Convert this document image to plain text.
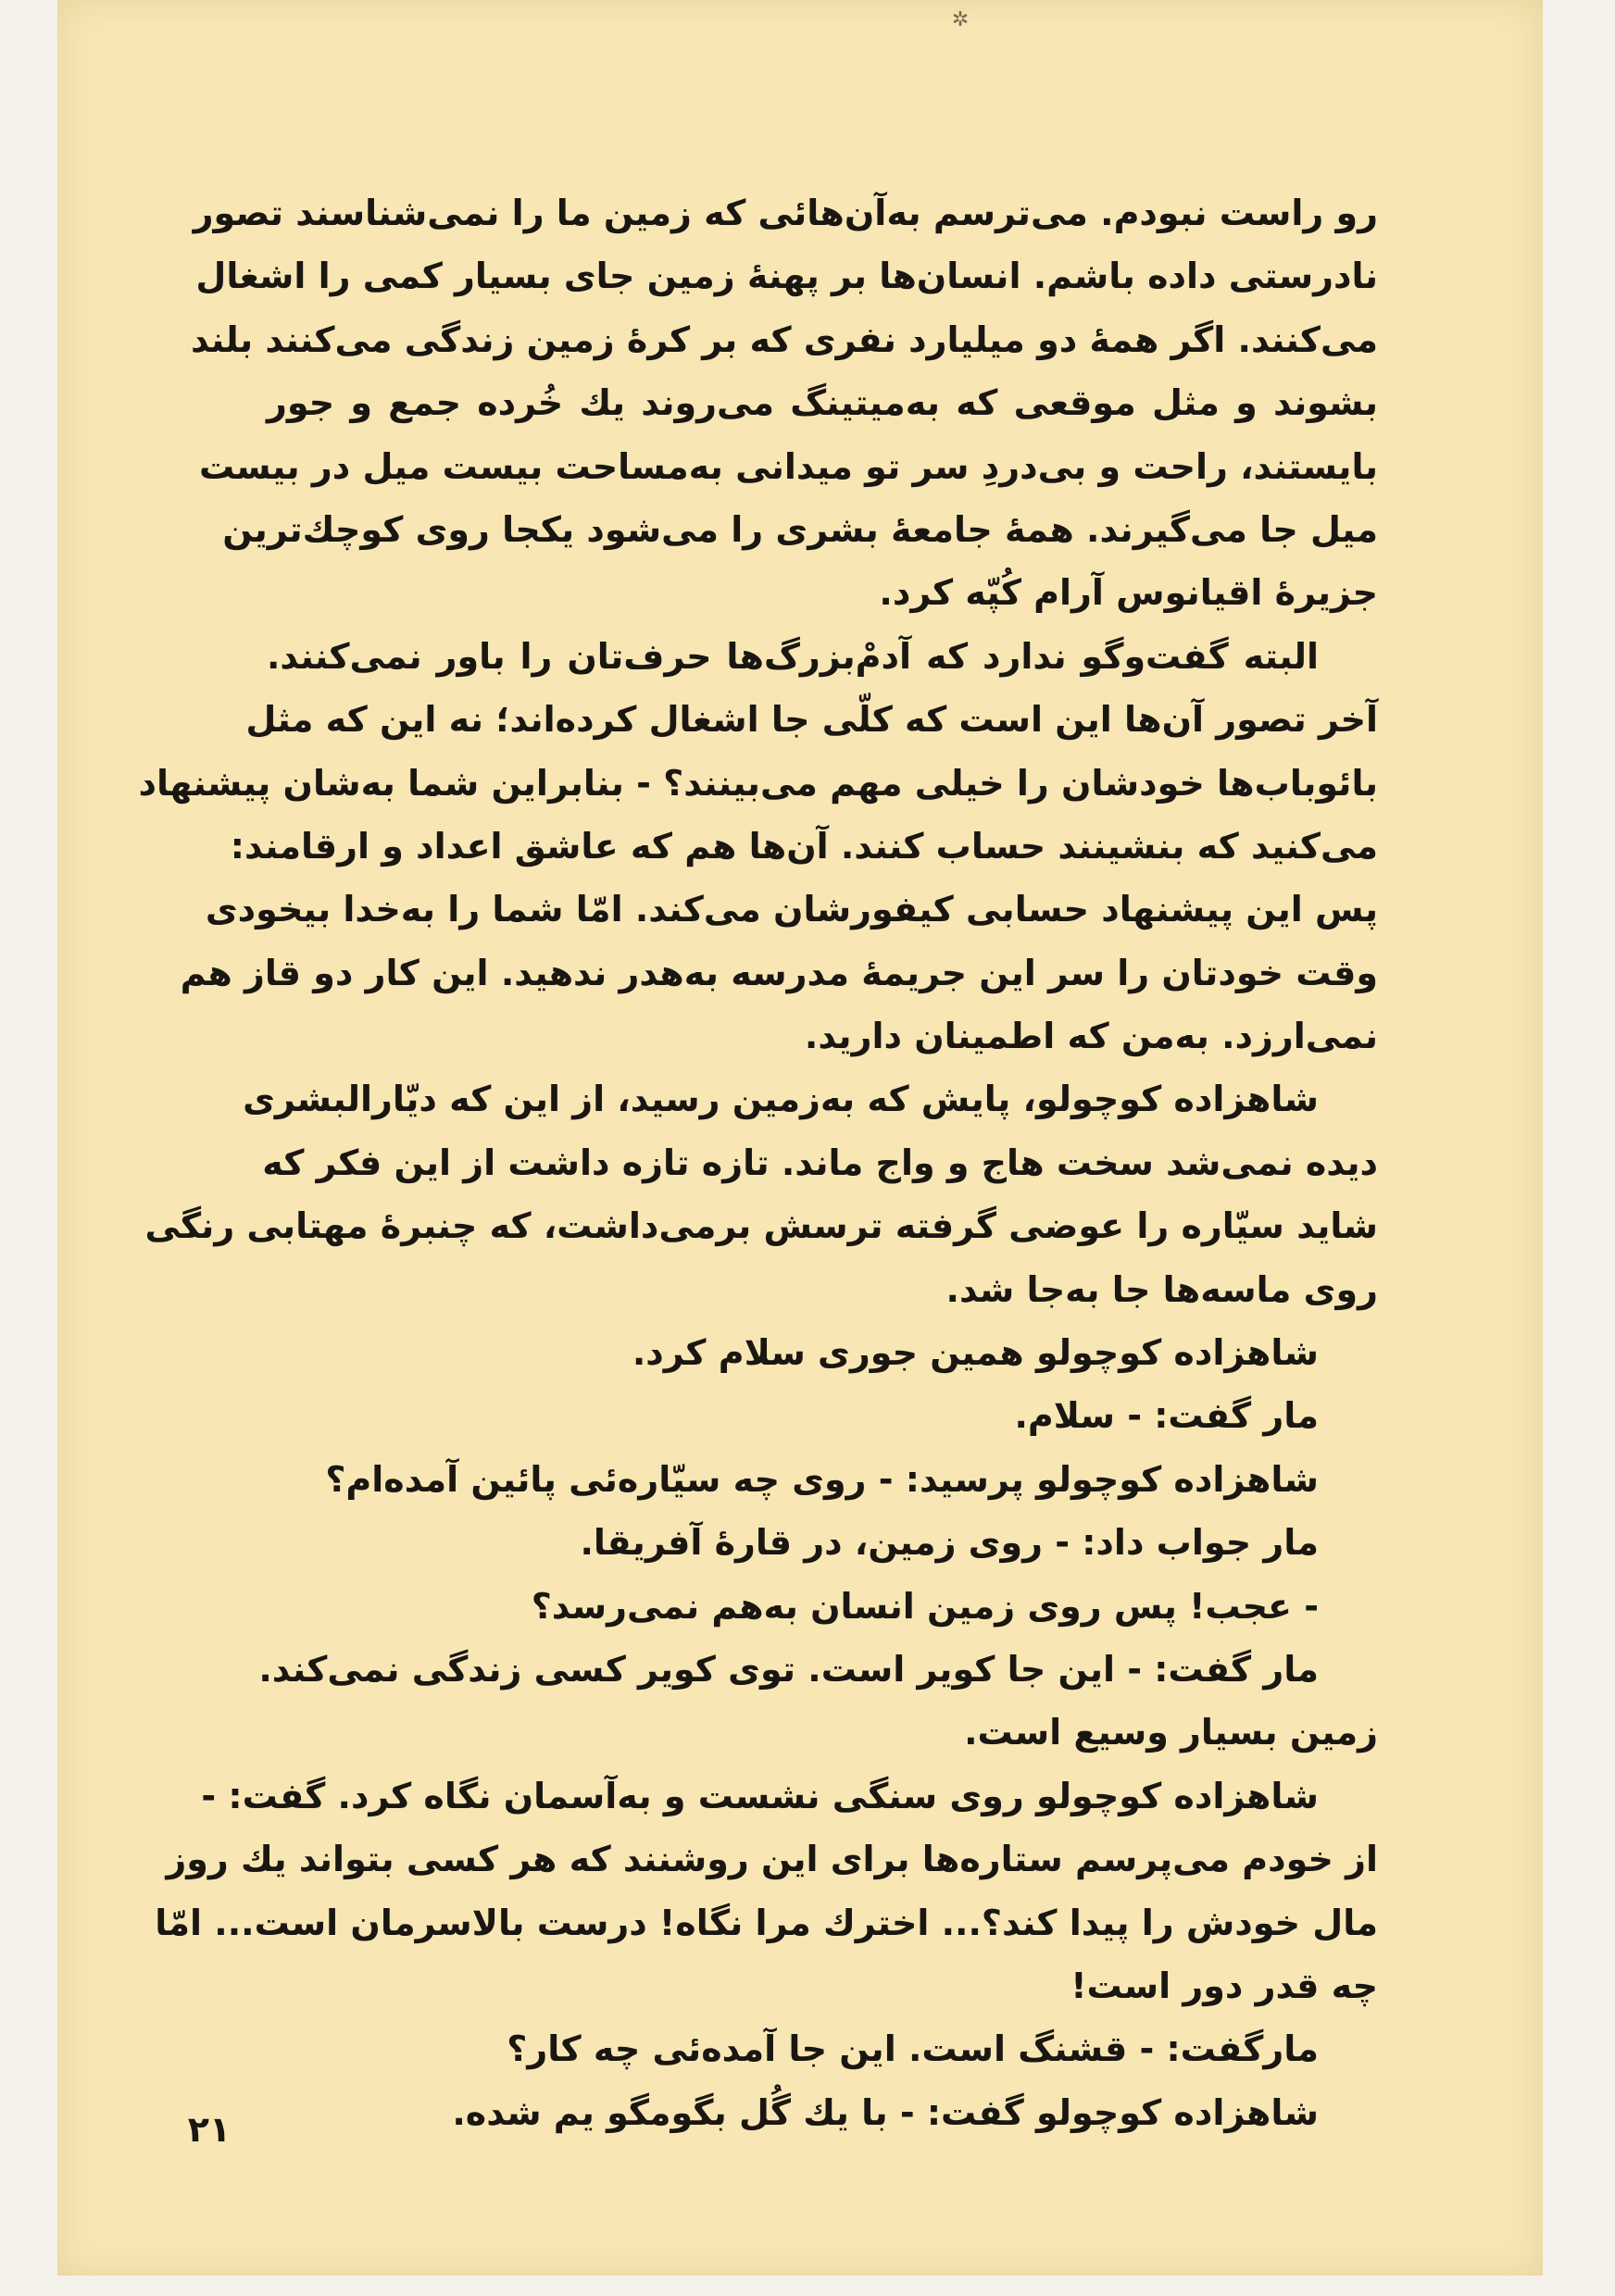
✲
رو راست نبودم. می‌ترسم به‌آن‌هائی که زمین ما را نمی‌شناسند تصور
نادرستی داده باشم. انسان‌ها بر پهنهٔ زمین جای بسیار کمی را اشغال
می‌کنند. اگر همهٔ دو میلیارد نفری که بر کرهٔ زمین زندگی می‌کنند بلند
بشوند و مثل موقعی که به‌میتینگ می‌روند یك خُرده جمع و جور
بایستند، راحت و بی‌دردِ سر تو میدانی به‌مساحت بیست میل در بیست
میل جا می‌گیرند. همهٔ جامعهٔ بشری را می‌شود یکجا روی کوچك‌ترین
جزیرهٔ اقیانوس آرام کُپّه کرد.
البته گفت‌وگو ندارد که آدمْ‌بزرگ‌ها حرف‌تان را باور نمی‌کنند.
آخر تصور آن‌ها این است که کلّی جا اشغال کرده‌اند؛ نه این که مثل
بائوباب‌ها خودشان را خیلی مهم می‌بینند؟ - بنابراین شما به‌شان پیشنهاد
می‌کنید که بنشینند حساب کنند. آن‌ها هم که عاشق اعداد و ارقامند:
پس این پیشنهاد حسابی کیفورشان می‌کند. امّا شما را به‌خدا بیخودی
وقت خودتان را سر این جریمهٔ مدرسه به‌هدر ندهید. این کار دو قاز هم
نمی‌ارزد. به‌من که اطمینان دارید.
شاهزاده کوچولو، پایش که به‌زمین رسید، از این که دیّارالبشری
دیده نمی‌شد سخت هاج و واج ماند. تازه تازه داشت از این فکر که
شاید سیّاره را عوضی گرفته ترسش برمی‌داشت، که چنبرهٔ مهتابی رنگی
روی ماسه‌ها جا به‌جا شد.
شاهزاده کوچولو همین جوری سلام کرد.
مار گفت: - سلام.
شاهزاده کوچولو پرسید: - روی چه سیّاره‌ئی پائین آمده‌ام؟
مار جواب داد: - روی زمین، در قارهٔ آفریقا.
- عجب! پس روی زمین انسان به‌هم نمی‌رسد؟
مار گفت: - این جا کویر است. توی کویر کسی زندگی نمی‌کند.
زمین بسیار وسیع است.
شاهزاده کوچولو روی سنگی نشست و به‌آسمان نگاه کرد. گفت: -
از خودم می‌پرسم ستاره‌ها برای این روشنند که هر کسی بتواند یك روز
مال خودش را پیدا کند؟... اخترك مرا نگاه! درست بالاسرمان است... امّا
چه قدر دور است!
مارگفت: - قشنگ است. این جا آمده‌ئی چه کار؟
شاهزاده کوچولو گفت: - با یك گُل بگومگو یم شده.
۲۱
